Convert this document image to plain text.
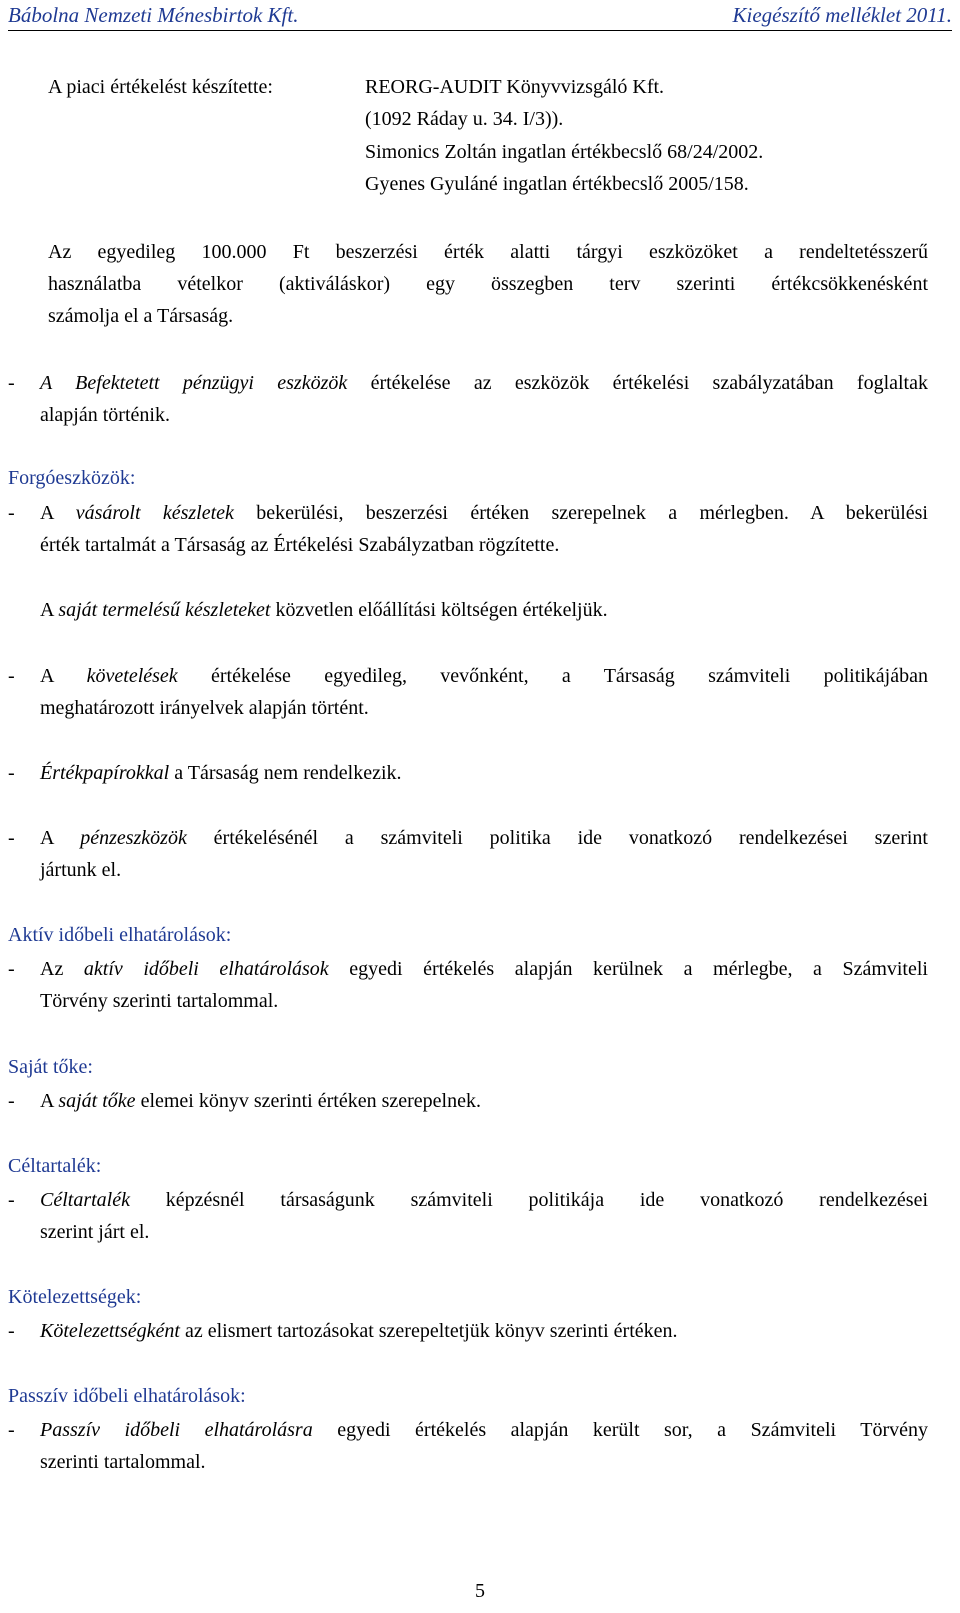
Bábolna Nemzeti Ménesbirtok Kft.	Kiegészítő melléklet 2011.
A piaci értékelést készítette:	REORG-AUDIT Könyvvizsgáló Kft.
(1092 Ráday u. 34. I/3)).
Simonics Zoltán ingatlan értékbecslő 68/24/2002.
Gyenes Gyuláné ingatlan értékbecslő 2005/158.
Az egyedileg 100.000 Ft beszerzési érték alatti tárgyi eszközöket a rendeltetésszerű
használatba vételkor (aktiváláskor) egy összegben terv szerinti értékcsökkenésként
számolja el a Társaság.
- A Befektetett pénzügyi eszközök értékelése az eszközök értékelési szabályzatában foglaltak
alapján történik.
Forgóeszközök:
- A vásárolt készletek bekerülési, beszerzési értéken szerepelnek a mérlegben. A bekerülési
érték tartalmát a Társaság az Értékelési Szabályzatban rögzítette.
A saját termelésű készleteket közvetlen előállítási költségen értékeljük.
- A követelések értékelése egyedileg, vevőnként, a Társaság számviteli politikájában
meghatározott irányelvek alapján történt.
- Értékpapírokkal a Társaság nem rendelkezik.
- A pénzeszközök értékelésénél a számviteli politika ide vonatkozó rendelkezései szerint
jártunk el.
Aktív időbeli elhatárolások:
- Az aktív időbeli elhatárolások egyedi értékelés alapján kerülnek a mérlegbe, a Számviteli
Törvény szerinti tartalommal.
Saját tőke:
- A saját tőke elemei könyv szerinti értéken szerepelnek.
Céltartalék:
- Céltartalék képzésnél társaságunk számviteli politikája ide vonatkozó rendelkezései
szerint járt el.
Kötelezettségek:
- Kötelezettségként az elismert tartozásokat szerepeltetjük könyv szerinti értéken.
Passzív időbeli elhatárolások:
- Passzív időbeli elhatárolásra egyedi értékelés alapján került sor, a Számviteli Törvény
szerinti tartalommal.
5
